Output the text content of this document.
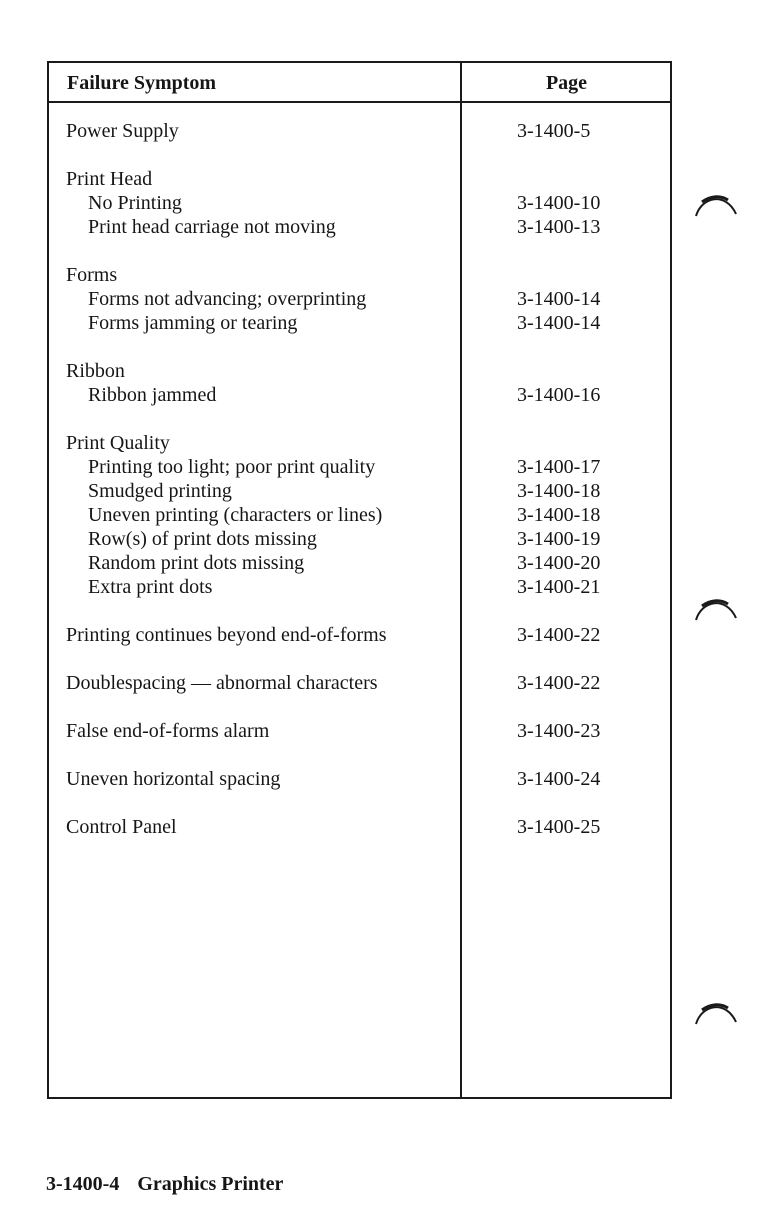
Failure Symptom	Page
Power Supply	3-1400-5
Print Head
No Printing	3-1400-10
Print head carriage not moving	3-1400-13
Forms
Forms not advancing; overprinting	3-1400-14
Forms jamming or tearing	3-1400-14
Ribbon
Ribbon jammed	3-1400-16
Print Quality
Printing too light; poor print quality	3-1400-17
Smudged printing	3-1400-18
Uneven printing (characters or lines)	3-1400-18
Row(s) of print dots missing	3-1400-19
Random print dots missing	3-1400-20
Extra print dots	3-1400-21
Printing continues beyond end-of-forms	3-1400-22
Doublespacing — abnormal characters	3-1400-22
False end-of-forms alarm	3-1400-23
Uneven horizontal spacing	3-1400-24
Control Panel	3-1400-25
3-1400-4 Graphics Printer
